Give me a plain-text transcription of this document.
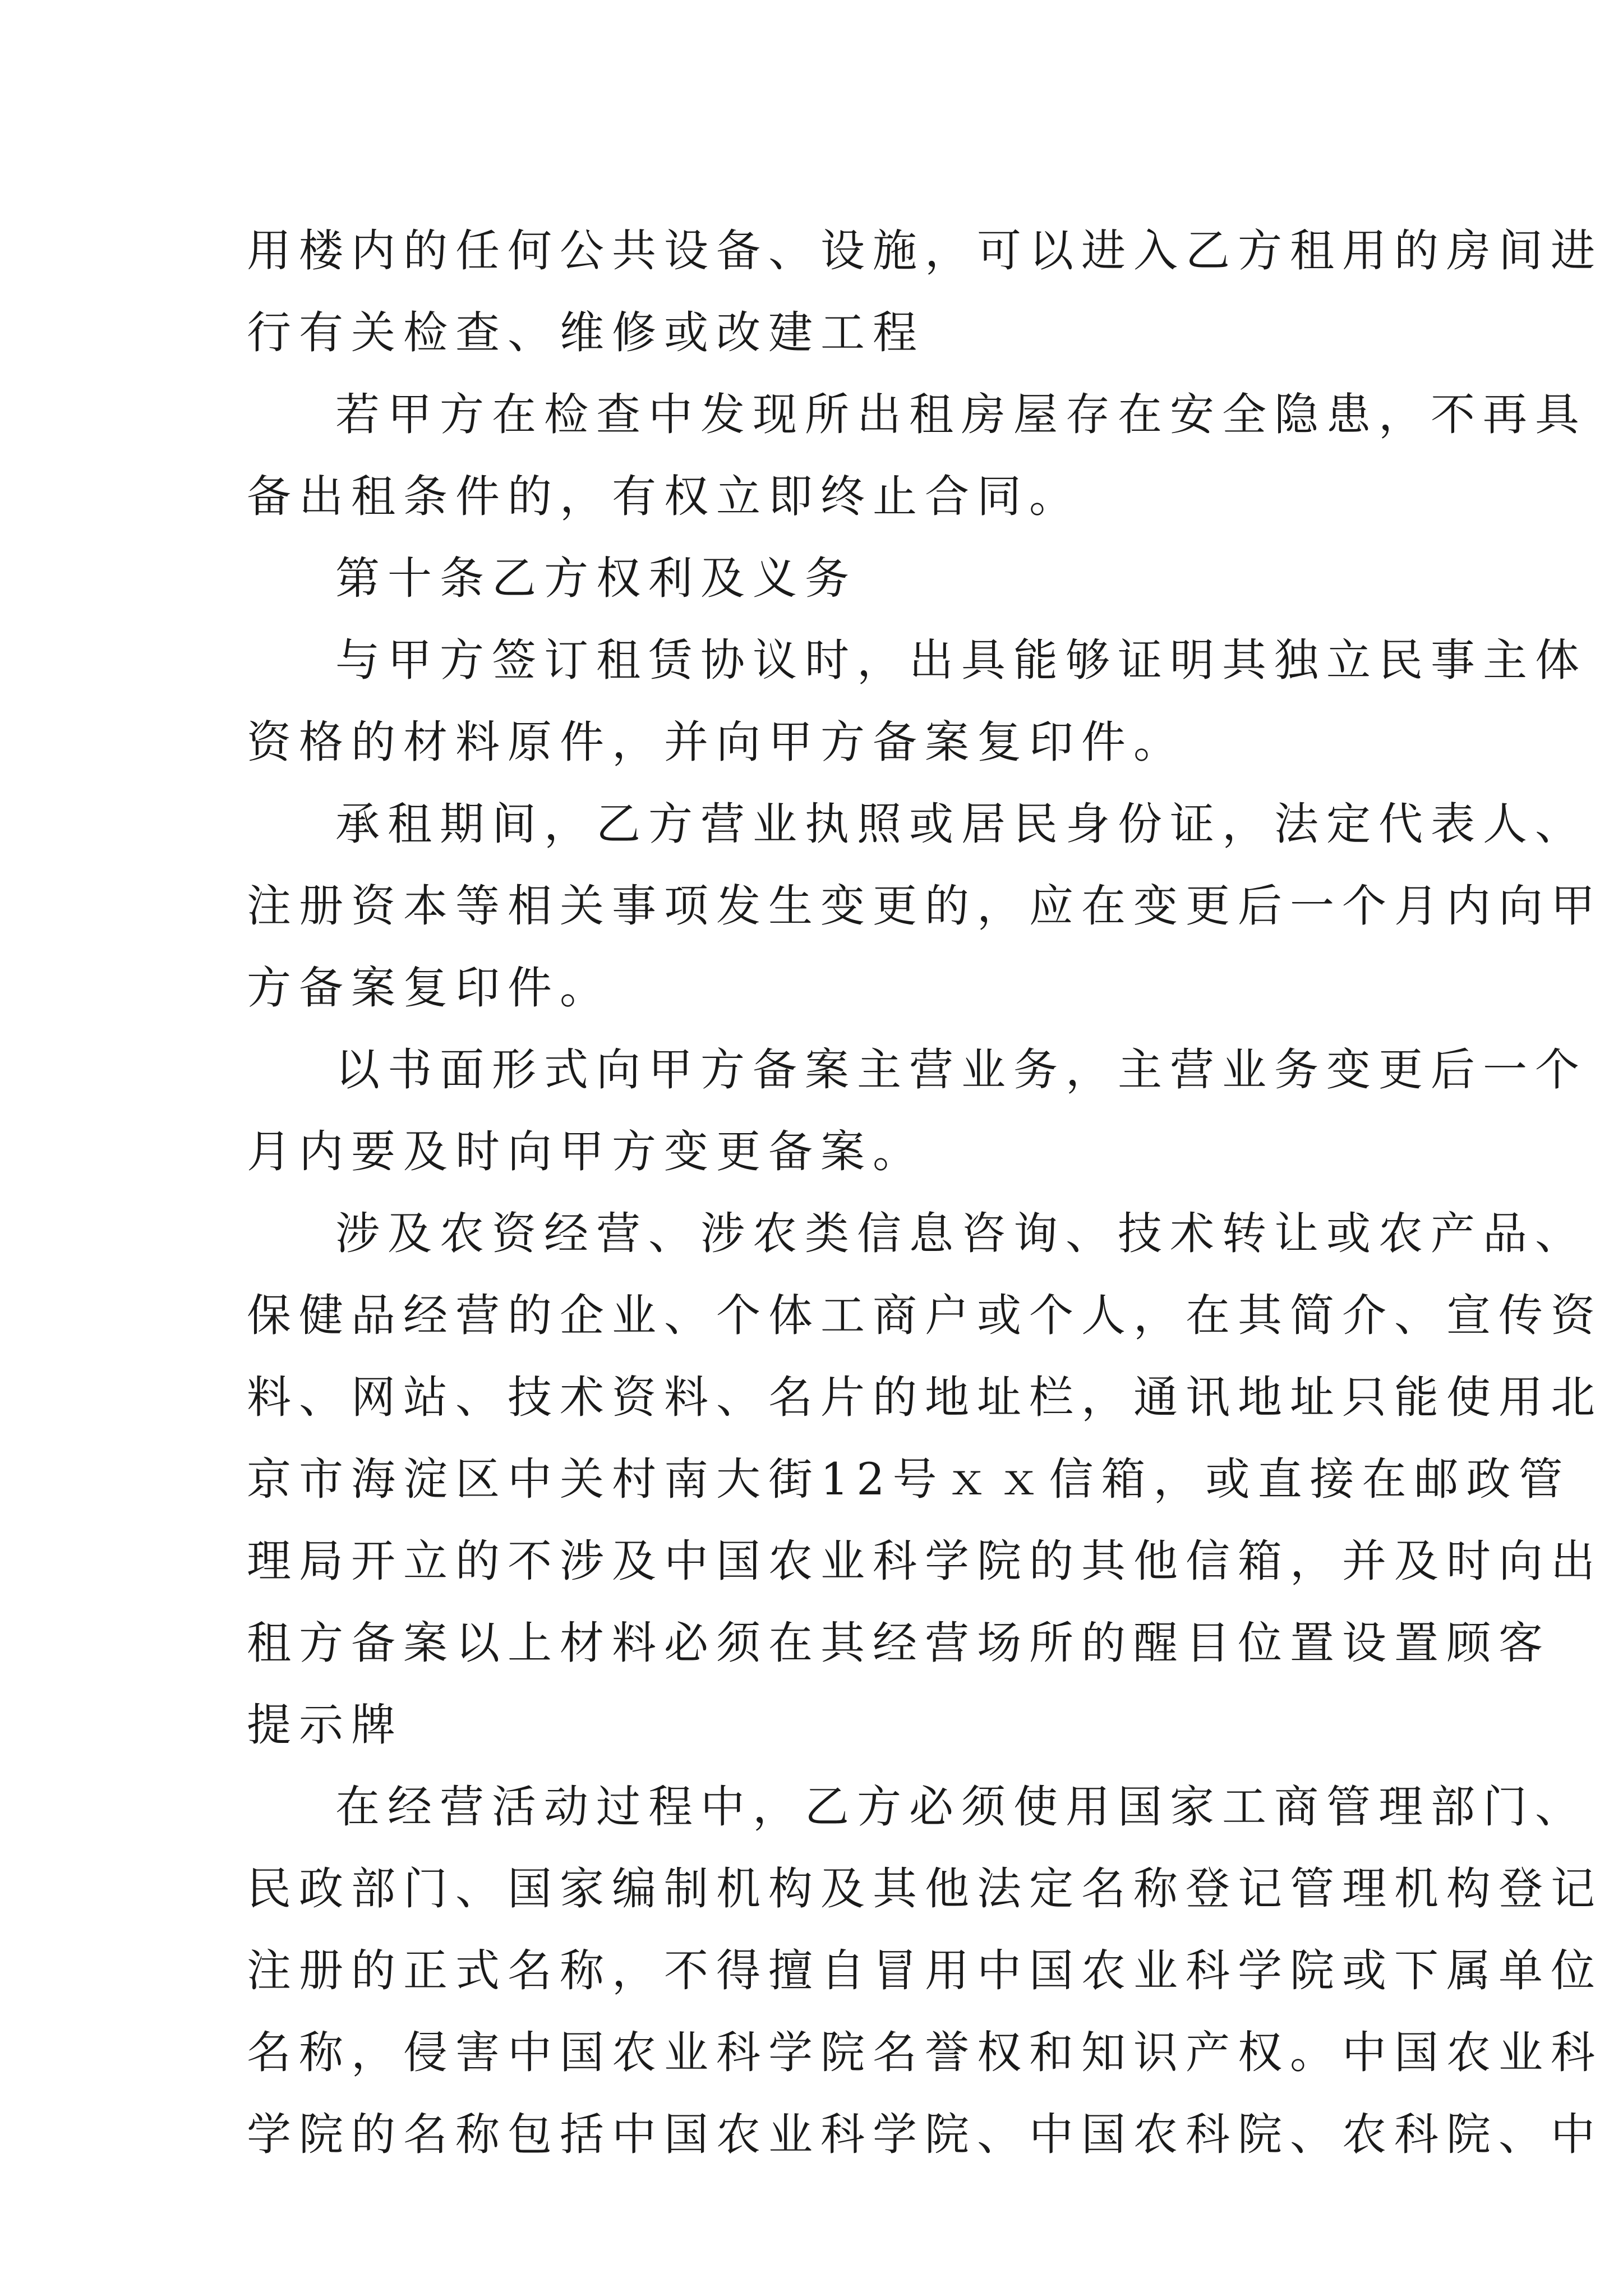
用楼内的任何公共设备、设施，可以进入乙方租用的房间进
行有关检查、维修或改建工程
若甲方在检查中发现所出租房屋存在安全隐患，不再具
备出租条件的，有权立即终止合同。
第十条乙方权利及义务
与甲方签订租赁协议时，出具能够证明其独立民事主体
资格的材料原件，并向甲方备案复印件。
承租期间，乙方营业执照或居民身份证，法定代表人、
注册资本等相关事项发生变更的，应在变更后一个月内向甲
方备案复印件。
以书面形式向甲方备案主营业务，主营业务变更后一个
月内要及时向甲方变更备案。
涉及农资经营、涉农类信息咨询、技术转让或农产品、
保健品经营的企业、个体工商户或个人，在其简介、宣传资
料、网站、技术资料、名片的地址栏，通讯地址只能使用北
京市海淀区中关村南大街12号ｘｘ信箱，或直接在邮政管
理局开立的不涉及中国农业科学院的其他信箱，并及时向出
租方备案以上材料必须在其经营场所的醒目位置设置顾客
提示牌
在经营活动过程中，乙方必须使用国家工商管理部门、
民政部门、国家编制机构及其他法定名称登记管理机构登记
注册的正式名称，不得擅自冒用中国农业科学院或下属单位
名称，侵害中国农业科学院名誉权和知识产权。中国农业科
学院的名称包括中国农业科学院、中国农科院、农科院、中
